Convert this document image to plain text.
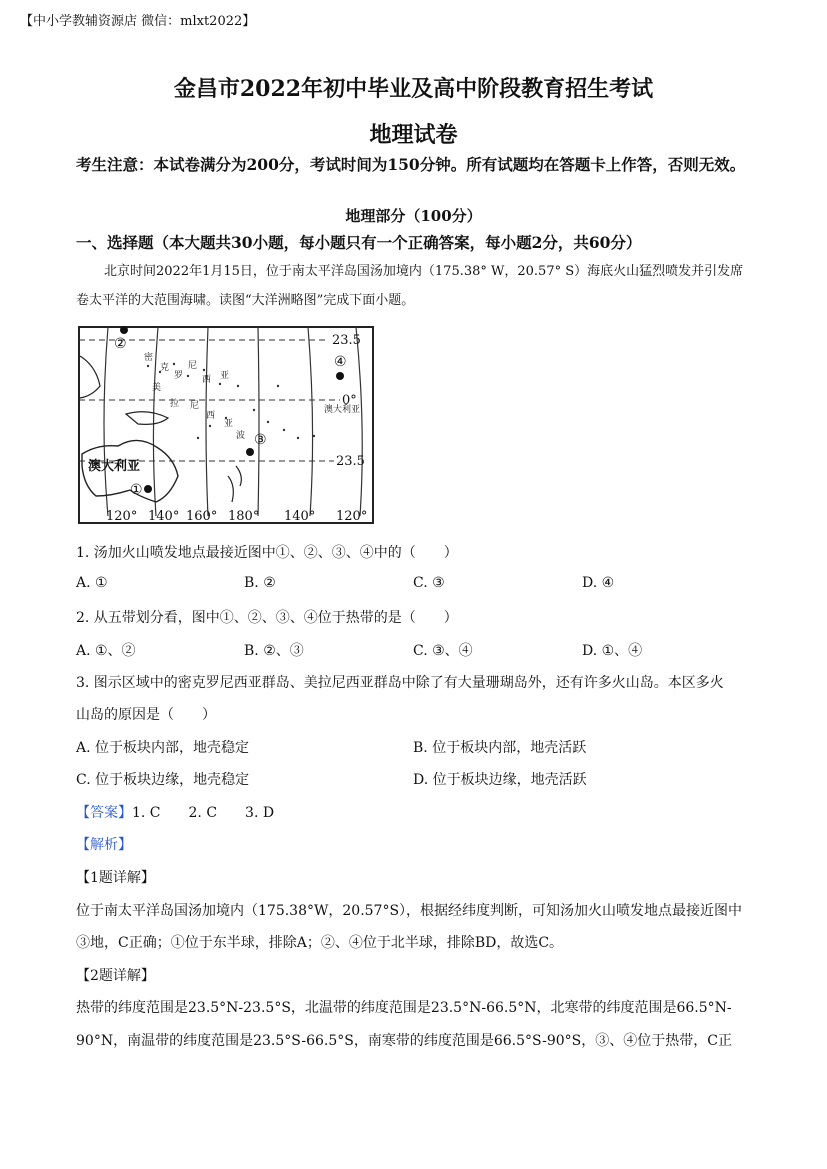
【中小学教辅资源店 微信：mlxt2022】
金昌市2022年初中毕业及高中阶段教育招生考试
地理试卷
考生注意：本试卷满分为200分，考试时间为150分钟。所有试题均在答题卡上作答，否则无效。
地理部分（100分）
一、选择题（本大题共30小题，每小题只有一个正确答案，每小题2分，共60分）
北京时间2022年1月15日，位于南太平洋岛国汤加境内（175.38° W，20.57° S）海底火山猛烈喷发并引发席卷太平洋的大范围海啸。读图“大洋洲略图”完成下面小题。
②
④
③
①
密
克
罗
尼
西 亚
美
拉 尼
西
亚
波
澳大利亚
澳大利亚
23.5
0°
23.5
120° 140° 160° 180° 140° 120°
1. 汤加火山喷发地点最接近图中①、②、③、④中的（　　）
A. ①	B. ②	C. ③	D. ④
2. 从五带划分看，图中①、②、③、④位于热带的是（　　）
A. ①、②	B. ②、③	C. ③、④	D. ①、④
3. 图示区域中的密克罗尼西亚群岛、美拉尼西亚群岛中除了有大量珊瑚岛外，还有许多火山岛。本区多火
山岛的原因是（　　）
A. 位于板块内部，地壳稳定	B. 位于板块内部，地壳活跃
C. 位于板块边缘，地壳稳定	D. 位于板块边缘，地壳活跃
【答案】1. C　　2. C　　3. D
【解析】
【1题详解】
位于南太平洋岛国汤加境内（175.38°W，20.57°S），根据经纬度判断，可知汤加火山喷发地点最接近图中
③地，C正确；①位于东半球，排除A；②、④位于北半球，排除BD，故选C。
【2题详解】
热带的纬度范围是23.5°N-23.5°S，北温带的纬度范围是23.5°N-66.5°N，北寒带的纬度范围是66.5°N-
90°N，南温带的纬度范围是23.5°S-66.5°S，南寒带的纬度范围是66.5°S-90°S，③、④位于热带，C正
